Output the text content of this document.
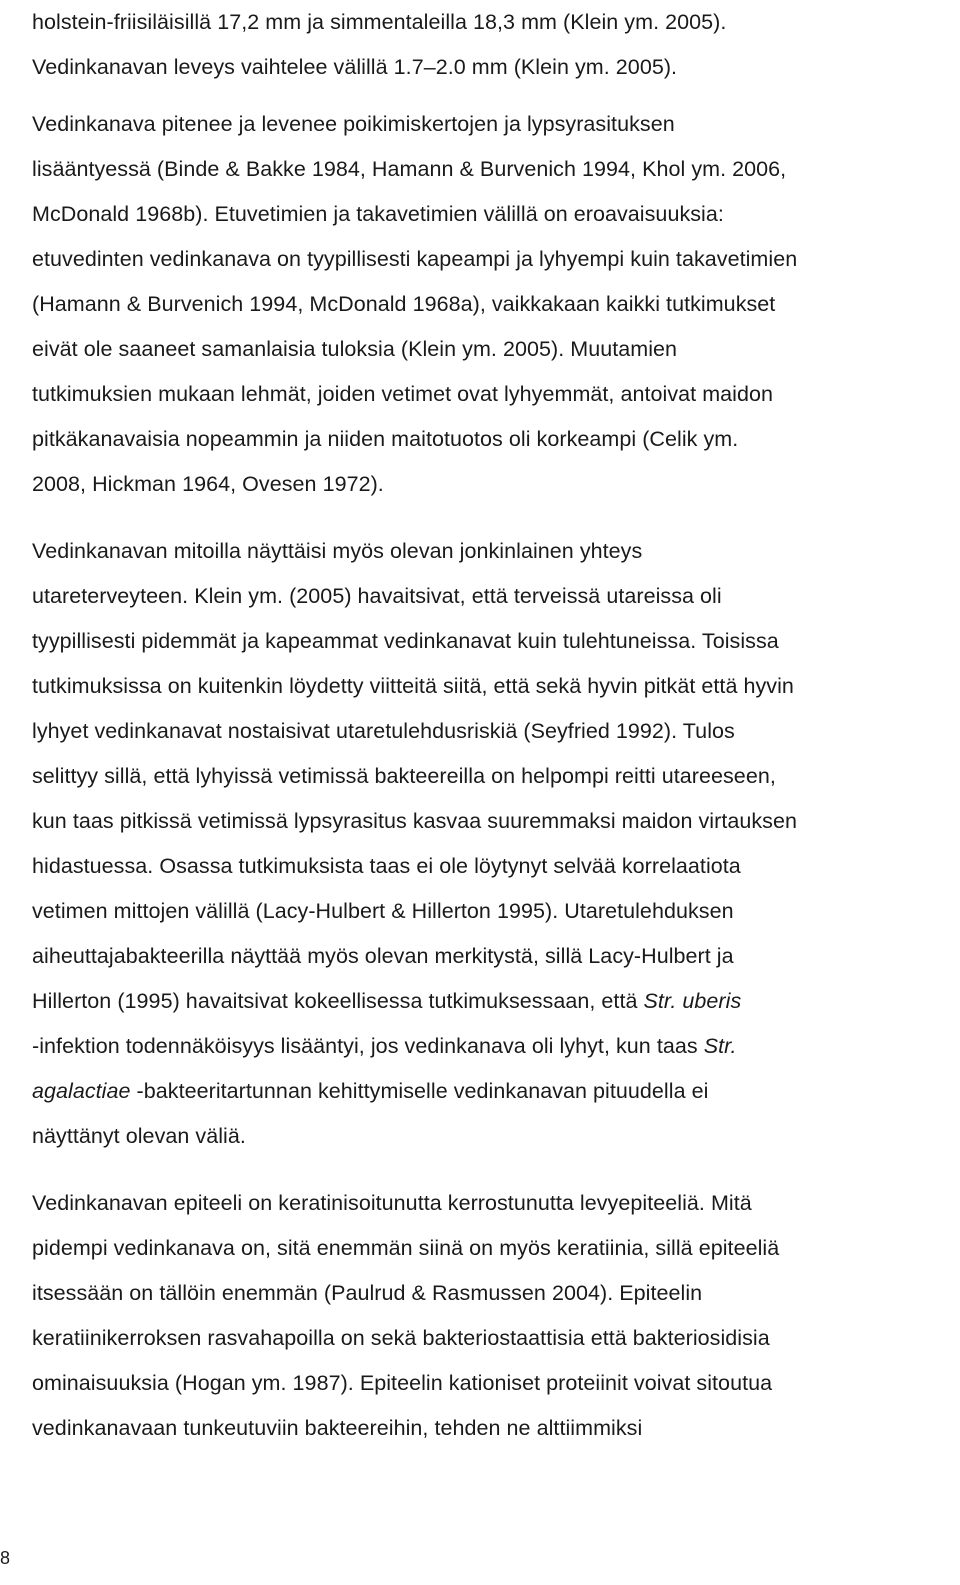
holstein-friisiläisillä 17,2 mm ja simmentaleilla 18,3 mm (Klein ym. 2005).
Vedinkanavan leveys vaihtelee välillä 1.7–2.0 mm (Klein ym. 2005).
Vedinkanava pitenee ja levenee poikimiskertojen ja lypsyrasituksen
lisääntyessä (Binde & Bakke 1984, Hamann & Burvenich 1994, Khol ym. 2006,
McDonald 1968b). Etuvetimien ja takavetimien välillä on eroavaisuuksia:
etuvedinten vedinkanava on tyypillisesti kapeampi ja lyhyempi kuin takavetimien
(Hamann & Burvenich 1994, McDonald 1968a), vaikkakaan kaikki tutkimukset
eivät ole saaneet samanlaisia tuloksia (Klein ym. 2005). Muutamien
tutkimuksien mukaan lehmät, joiden vetimet ovat lyhyemmät, antoivat maidon
pitkäkanavaisia nopeammin ja niiden maitotuotos oli korkeampi (Celik ym.
2008, Hickman 1964, Ovesen 1972).
Vedinkanavan mitoilla näyttäisi myös olevan jonkinlainen yhteys
utareterveyteen. Klein ym. (2005) havaitsivat, että terveissä utareissa oli
tyypillisesti pidemmät ja kapeammat vedinkanavat kuin tulehtuneissa. Toisissa
tutkimuksissa on kuitenkin löydetty viitteitä siitä, että sekä hyvin pitkät että hyvin
lyhyet vedinkanavat nostaisivat utaretulehdusriskiä (Seyfried 1992). Tulos
selittyy sillä, että lyhyissä vetimissä bakteereilla on helpompi reitti utareeseen,
kun taas pitkissä vetimissä lypsyrasitus kasvaa suuremmaksi maidon virtauksen
hidastuessa. Osassa tutkimuksista taas ei ole löytynyt selvää korrelaatiota
vetimen mittojen välillä (Lacy-Hulbert & Hillerton 1995). Utaretulehduksen
aiheuttajabakteerilla näyttää myös olevan merkitystä, sillä Lacy-Hulbert ja
Hillerton (1995) havaitsivat kokeellisessa tutkimuksessaan, että Str. uberis
-infektion todennäköisyys lisääntyi, jos vedinkanava oli lyhyt, kun taas Str.
agalactiae -bakteeritartunnan kehittymiselle vedinkanavan pituudella ei
näyttänyt olevan väliä.
Vedinkanavan epiteeli on keratinisoitunutta kerrostunutta levyepiteeliä. Mitä
pidempi vedinkanava on, sitä enemmän siinä on myös keratiinia, sillä epiteeliä
itsessään on tällöin enemmän (Paulrud & Rasmussen 2004). Epiteelin
keratiinikerroksen rasvahapoilla on sekä bakteriostaattisia että bakteriosidisia
ominaisuuksia (Hogan ym. 1987). Epiteelin kationiset proteiinit voivat sitoutua
vedinkanavaan tunkeutuviin bakteereihin, tehden ne alttiimmiksi
8
